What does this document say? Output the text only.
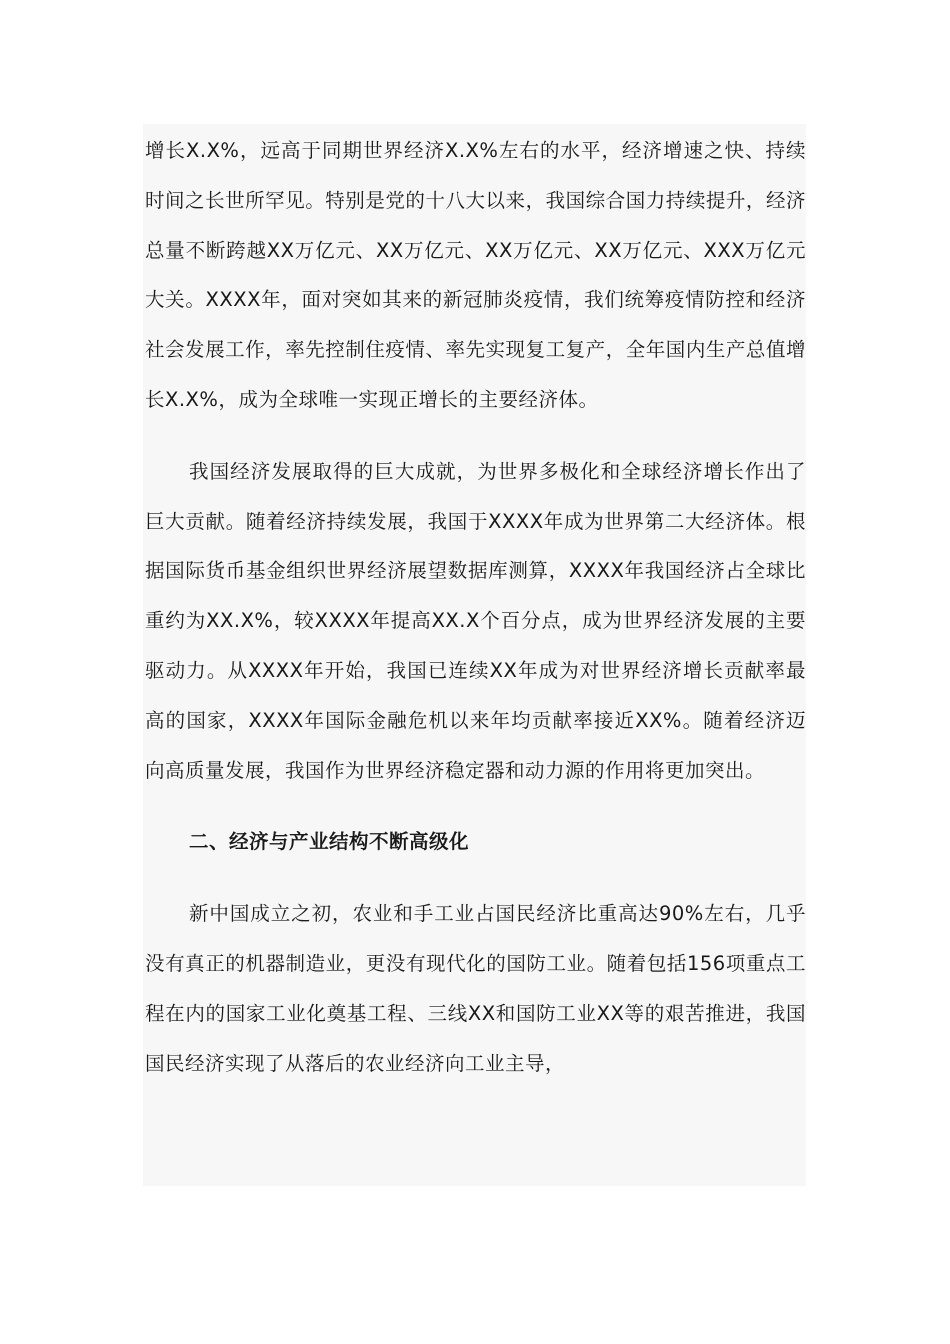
增长X.X%，远高于同期世界经济X.X%左右的水平，经济增速之快、持续时间之长世所罕见。特别是党的十八大以来，我国综合国力持续提升，经济总量不断跨越XX万亿元、XX万亿元、XX万亿元、XX万亿元、XXX万亿元大关。XXXX年，面对突如其来的新冠肺炎疫情，我们统筹疫情防控和经济社会发展工作，率先控制住疫情、率先实现复工复产，全年国内生产总值增长X.X%，成为全球唯一实现正增长的主要经济体。

我国经济发展取得的巨大成就，为世界多极化和全球经济增长作出了巨大贡献。随着经济持续发展，我国于XXXX年成为世界第二大经济体。根据国际货币基金组织世界经济展望数据库测算，XXXX年我国经济占全球比重约为XX.X%，较XXXX年提高XX.X个百分点，成为世界经济发展的主要驱动力。从XXXX年开始，我国已连续XX年成为对世界经济增长贡献率最高的国家，XXXX年国际金融危机以来年均贡献率接近XX%。随着经济迈向高质量发展，我国作为世界经济稳定器和动力源的作用将更加突出。

二、经济与产业结构不断高级化

新中国成立之初，农业和手工业占国民经济比重高达90%左右，几乎没有真正的机器制造业，更没有现代化的国防工业。随着包括156项重点工程在内的国家工业化奠基工程、三线XX和国防工业XX等的艰苦推进，我国国民经济实现了从落后的农业经济向工业主导，
